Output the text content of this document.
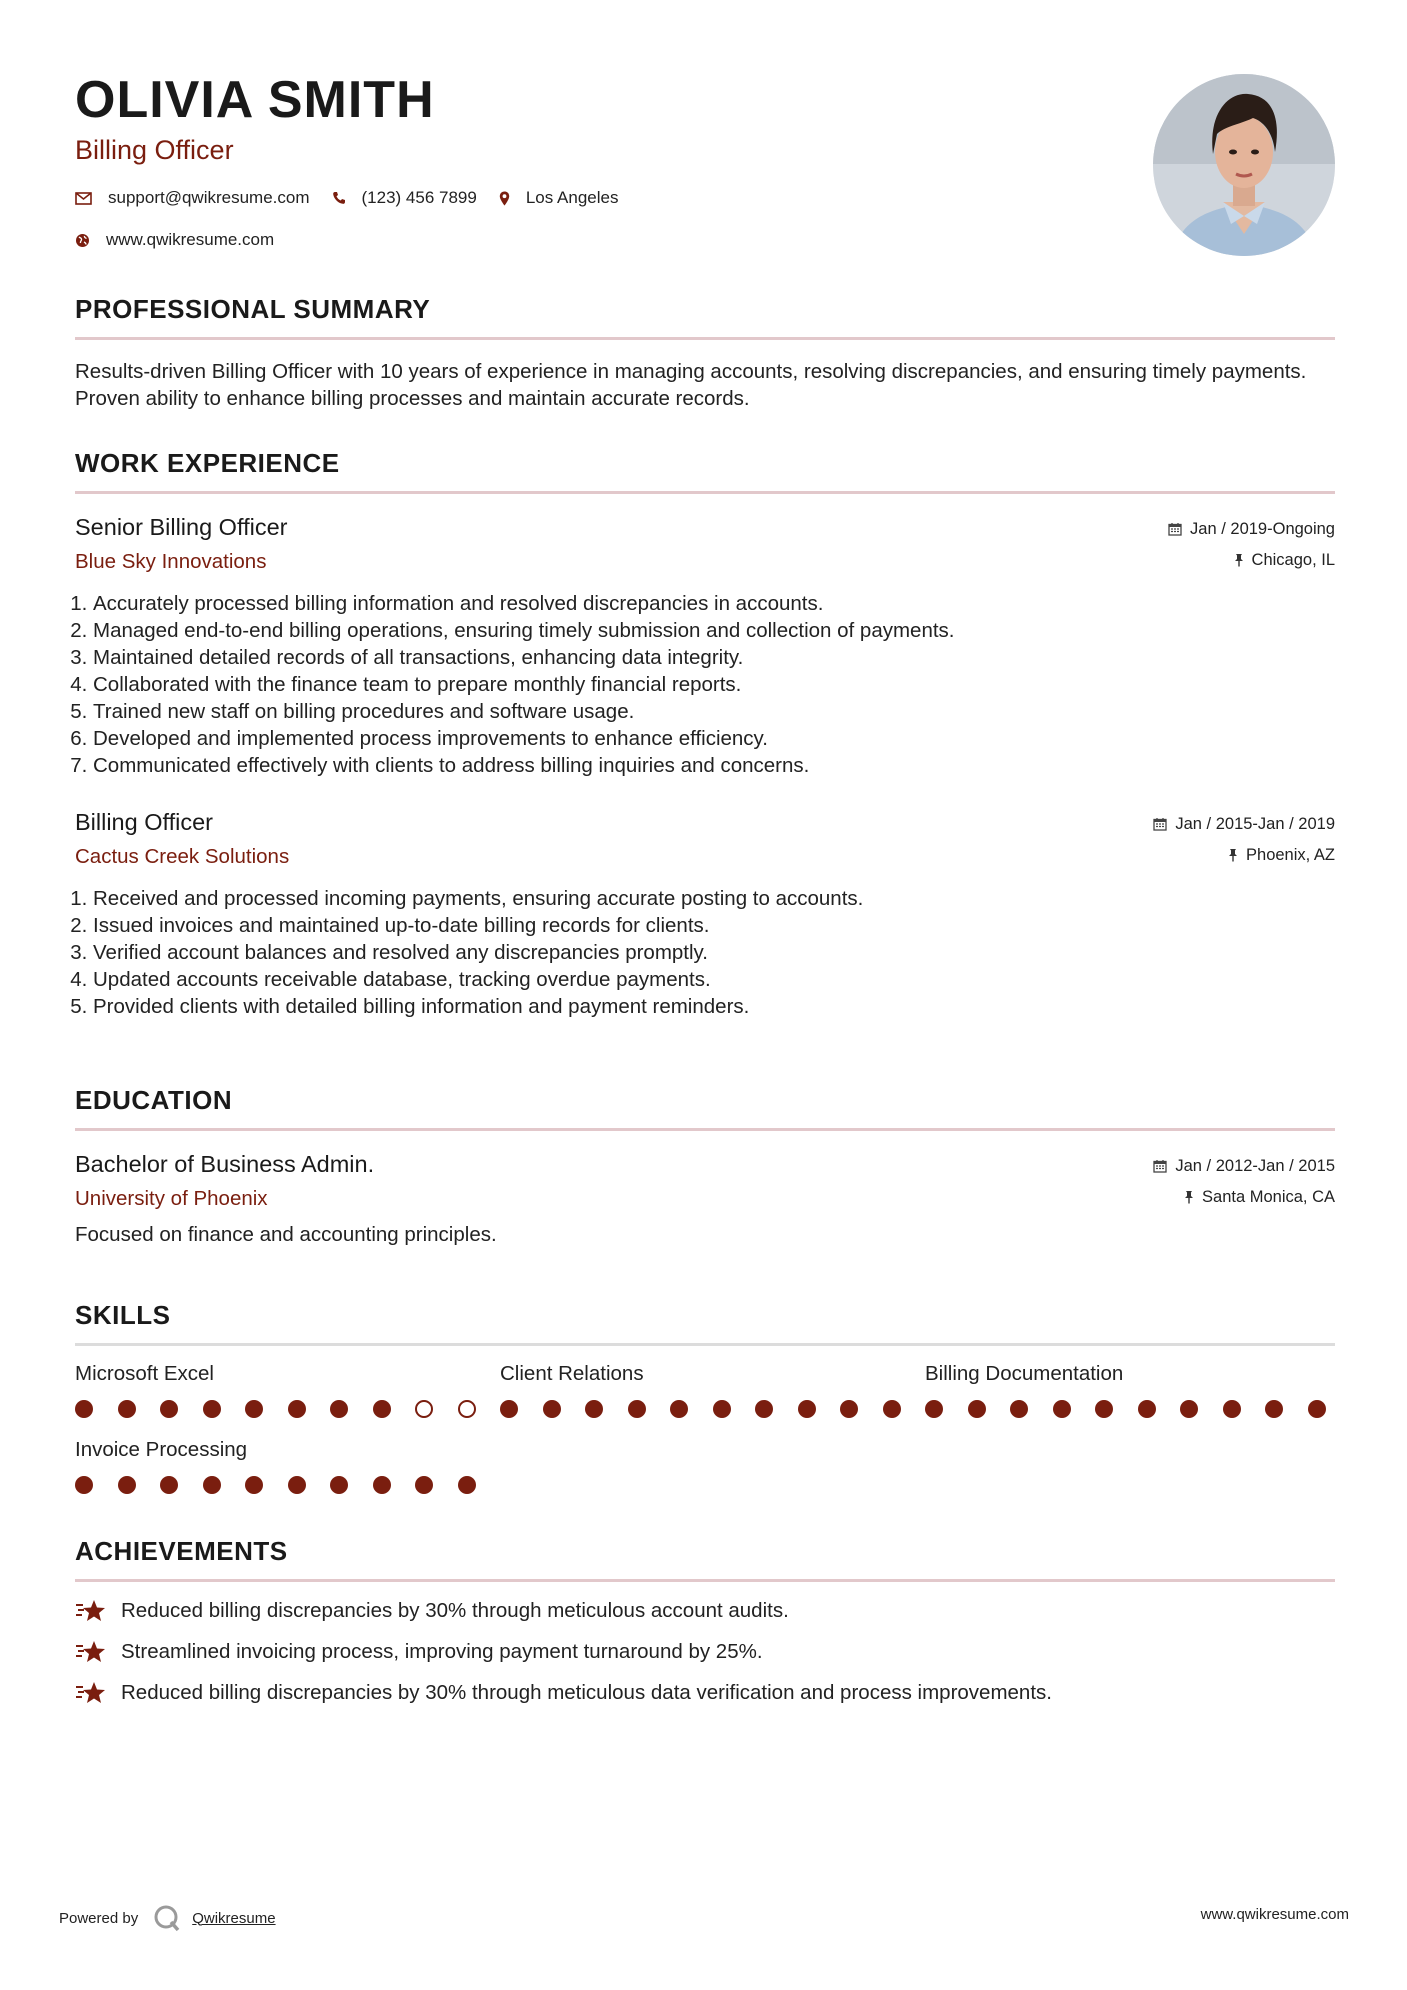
OLIVIA SMITH
Billing Officer
support@qwikresume.com	(123) 456 7899	Los Angeles
www.qwikresume.com
PROFESSIONAL SUMMARY
Results-driven Billing Officer with 10 years of experience in managing accounts, resolving discrepancies, and ensuring timely payments. Proven ability to enhance billing processes and maintain accurate records.
WORK EXPERIENCE
Senior Billing Officer
Blue Sky Innovations
Jan / 2019-Ongoing
Chicago, IL
1. Accurately processed billing information and resolved discrepancies in accounts.
2. Managed end-to-end billing operations, ensuring timely submission and collection of payments.
3. Maintained detailed records of all transactions, enhancing data integrity.
4. Collaborated with the finance team to prepare monthly financial reports.
5. Trained new staff on billing procedures and software usage.
6. Developed and implemented process improvements to enhance efficiency.
7. Communicated effectively with clients to address billing inquiries and concerns.
Billing Officer
Cactus Creek Solutions
Jan / 2015-Jan / 2019
Phoenix, AZ
1. Received and processed incoming payments, ensuring accurate posting to accounts.
2. Issued invoices and maintained up-to-date billing records for clients.
3. Verified account balances and resolved any discrepancies promptly.
4. Updated accounts receivable database, tracking overdue payments.
5. Provided clients with detailed billing information and payment reminders.
EDUCATION
Bachelor of Business Admin.
University of Phoenix
Jan / 2012-Jan / 2015
Santa Monica, CA
Focused on finance and accounting principles.
SKILLS
Microsoft Excel	Client Relations	Billing Documentation
Invoice Processing
ACHIEVEMENTS
Reduced billing discrepancies by 30% through meticulous account audits.
Streamlined invoicing process, improving payment turnaround by 25%.
Reduced billing discrepancies by 30% through meticulous data verification and process improvements.
Powered by	Qwikresume	www.qwikresume.com
